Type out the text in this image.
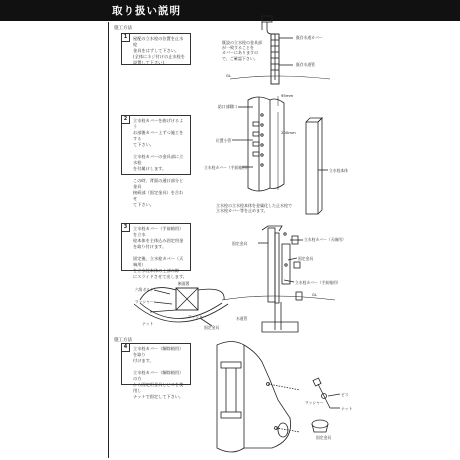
取り扱い説明
施工方法
施工方法
1	屋配の立水栓の位置を止水栓
金具をはずして下さい。
(全体にネジ付けの止水栓を
設置して下さい)
2	立水栓カバーを曲げけるよう
お部後カバー上ずつ施工をする
て下さい。

立水栓カバーの金具部に立水栓
を付属けします。

この時、背面の通口部分と金具
接続部（固定金具）を合わせ
て下さい。
3	立水栓カバー（手前箱用）を立水
栓本体を主体込み固定用金
を取り付けます。

固定後、立水栓カバー（天端用）
を立水栓本体の上部の隙
にスライドさせて出します。
4	立水栓カバー（解除箱用）を取り
付けます。

立水栓カバー（解除箱用）の方
から固定用金具とビスを使用し
ナットで固定して下さい。
既設の立水栓の金具部
が一致することを
カバーにありますの
で、ご確認下さい。
立水栓の立水栓本体を金属化した止水栓で
立水栓カバー等を止めます。
既存水道カバー
既存水道管
GL
給口部側口
位置小管
立水栓カバー（手前箱用）
立水栓本体
95mm
200mm
立水栓カバー（天端用）
固定金具
固定金具
立水栓カバー（手前箱用）
水道管
GL
断面図
六角ボルト
ワッシャー
ナット
固定金具
ワッシャー
ビス
ワッシャー
ナット
固定金具
